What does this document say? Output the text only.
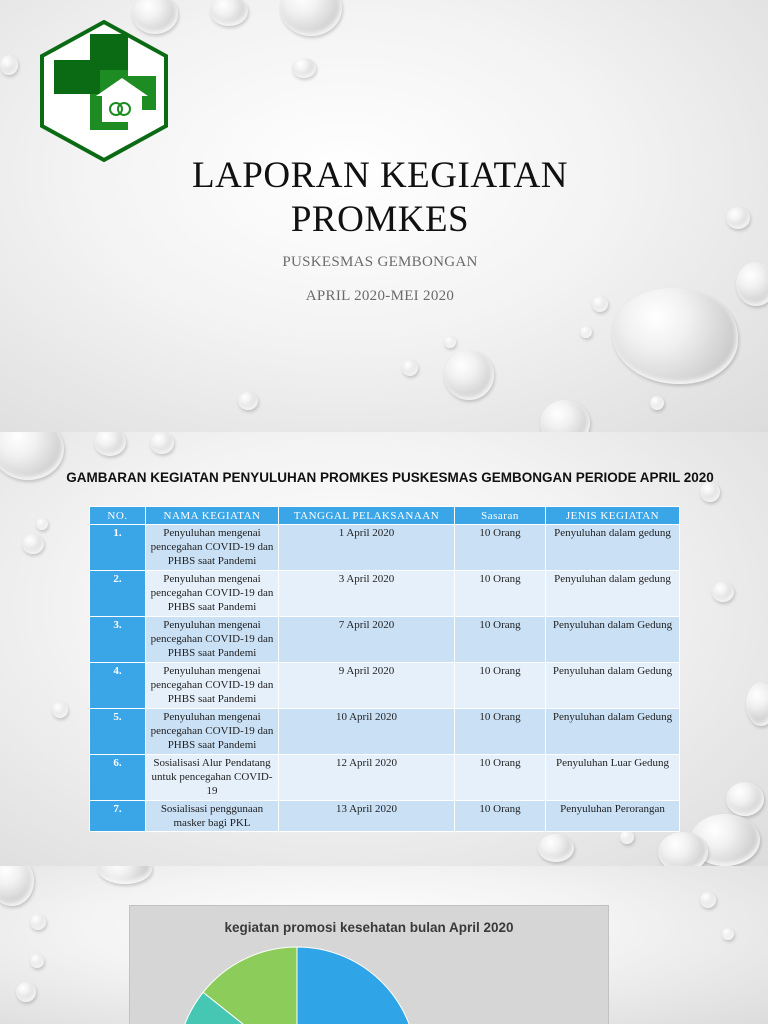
LAPORAN KEGIATAN
PROMKES
PUSKESMAS GEMBONGAN
APRIL 2020-MEI 2020
GAMBARAN KEGIATAN PENYULUHAN PROMKES PUSKESMAS GEMBONGAN PERIODE APRIL 2020
NO.	NAMA KEGIATAN	TANGGAL PELAKSANAAN	Sasaran	JENIS KEGIATAN
1.	Penyuluhan mengenai pencegahan COVID-19 dan PHBS saat Pandemi	1 April 2020	10 Orang	Penyuluhan dalam gedung
2.	Penyuluhan mengenai pencegahan COVID-19 dan PHBS saat Pandemi	3 April 2020	10 Orang	Penyuluhan dalam gedung
3.	Penyuluhan mengenai pencegahan COVID-19 dan PHBS saat Pandemi	7 April 2020	10 Orang	Penyuluhan dalam Gedung
4.	Penyuluhan mengenai pencegahan COVID-19 dan PHBS saat Pandemi	9 April 2020	10 Orang	Penyuluhan dalam Gedung
5.	Penyuluhan mengenai pencegahan COVID-19 dan PHBS saat Pandemi	10 April 2020	10 Orang	Penyuluhan dalam Gedung
6.	Sosialisasi Alur Pendatang untuk pencegahan COVID-19	12 April 2020	10 Orang	Penyuluhan Luar Gedung
7.	Sosialisasi penggunaan masker bagi PKL	13 April 2020	10 Orang	Penyuluhan Perorangan
kegiatan promosi kesehatan bulan April 2020
